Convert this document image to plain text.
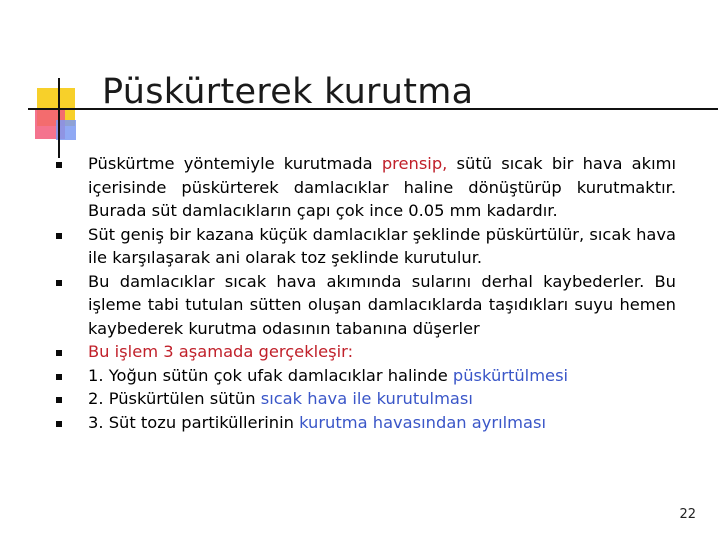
Püskürterek kurutma
Püskürtme yöntemiyle kurutmada prensip, sütü sıcak bir hava akımı içerisinde püskürterek damlacıklar haline dönüştürüp kurutmaktır. Burada süt damlacıkların çapı çok ince 0.05 mm kadardır.
Süt geniş bir kazana küçük damlacıklar şeklinde püskürtülür, sıcak hava ile karşılaşarak ani olarak toz şeklinde kurutulur.
Bu damlacıklar sıcak hava akımında sularını derhal kaybederler. Bu işleme tabi tutulan sütten oluşan damlacıklarda taşıdıkları suyu hemen kaybederek kurutma odasının tabanına düşerler
Bu işlem 3 aşamada gerçekleşir:
1. Yoğun sütün çok ufak damlacıklar halinde püskürtülmesi
2. Püskürtülen sütün sıcak hava ile kurutulması
3. Süt tozu partiküllerinin kurutma havasından ayrılması
22
